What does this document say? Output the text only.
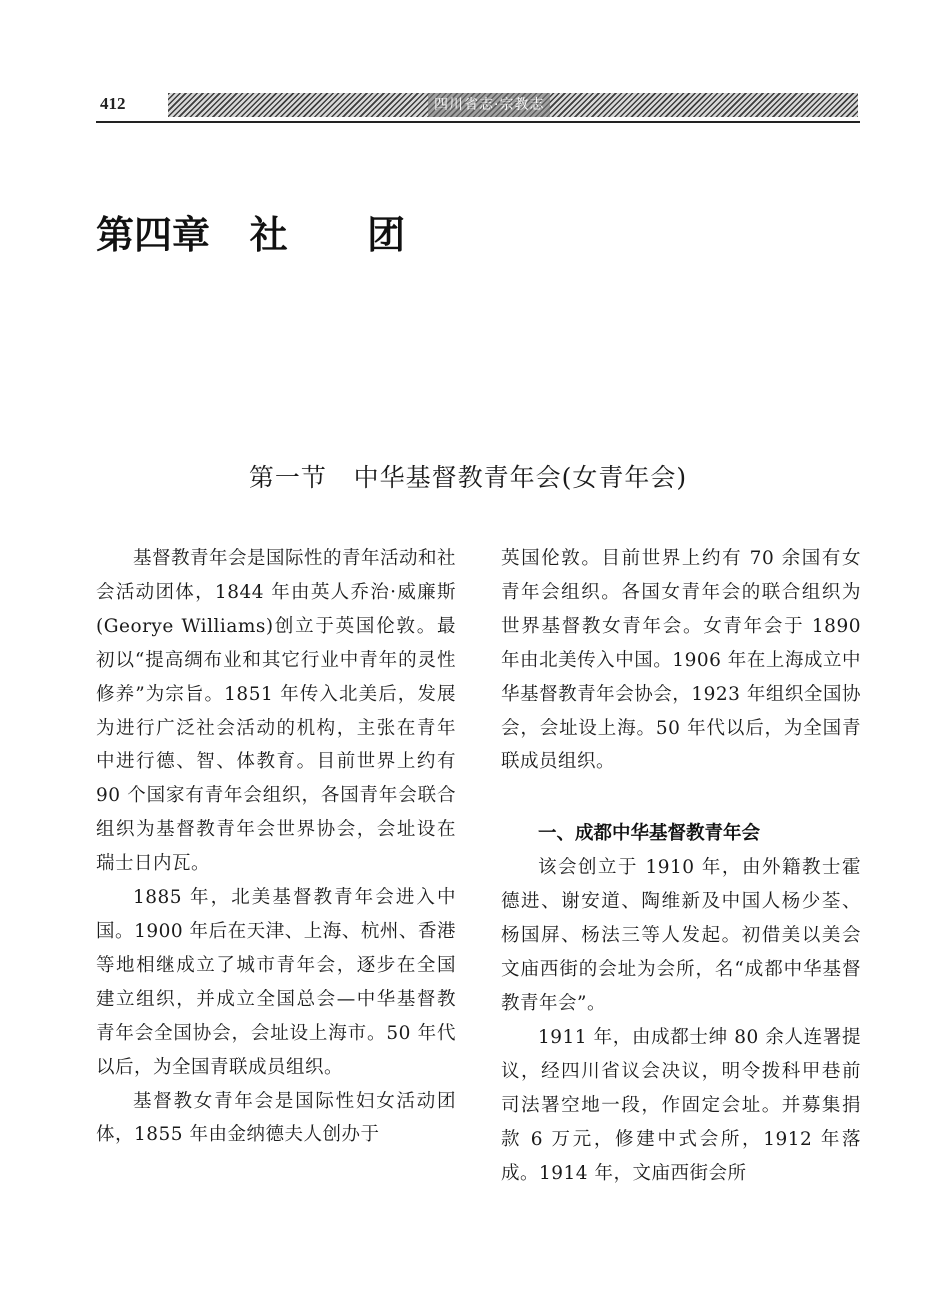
412	四川省志·宗教志
第四章   社      团
第一节   中华基督教青年会(女青年会)

基督教青年会是国际性的青年活动和社会活动团体，1844 年由英人乔治·威廉斯(Georye Williams)创立于英国伦敦。最初以“提高绸布业和其它行业中青年的灵性修养”为宗旨。1851 年传入北美后，发展为进行广泛社会活动的机构，主张在青年中进行德、智、体教育。目前世界上约有 90 个国家有青年会组织，各国青年会联合组织为基督教青年会世界协会，会址设在瑞士日内瓦。

1885 年，北美基督教青年会进入中国。1900 年后在天津、上海、杭州、香港等地相继成立了城市青年会，逐步在全国建立组织，并成立全国总会—中华基督教青年会全国协会，会址设上海市。50 年代以后，为全国青联成员组织。

基督教女青年会是国际性妇女活动团体，1855 年由金纳德夫人创办于

英国伦敦。目前世界上约有 70 余国有女青年会组织。各国女青年会的联合组织为世界基督教女青年会。女青年会于 1890 年由北美传入中国。1906 年在上海成立中华基督教青年会协会，1923 年组织全国协会，会址设上海。50 年代以后，为全国青联成员组织。

一、成都中华基督教青年会

该会创立于 1910 年，由外籍教士霍德进、谢安道、陶维新及中国人杨少荃、杨国屏、杨法三等人发起。初借美以美会文庙西街的会址为会所，名“成都中华基督教青年会”。

1911 年，由成都士绅 80 余人连署提议，经四川省议会决议，明令拨科甲巷前司法署空地一段，作固定会址。并募集捐款 6 万元，修建中式会所，1912 年落成。1914 年，文庙西街会所
